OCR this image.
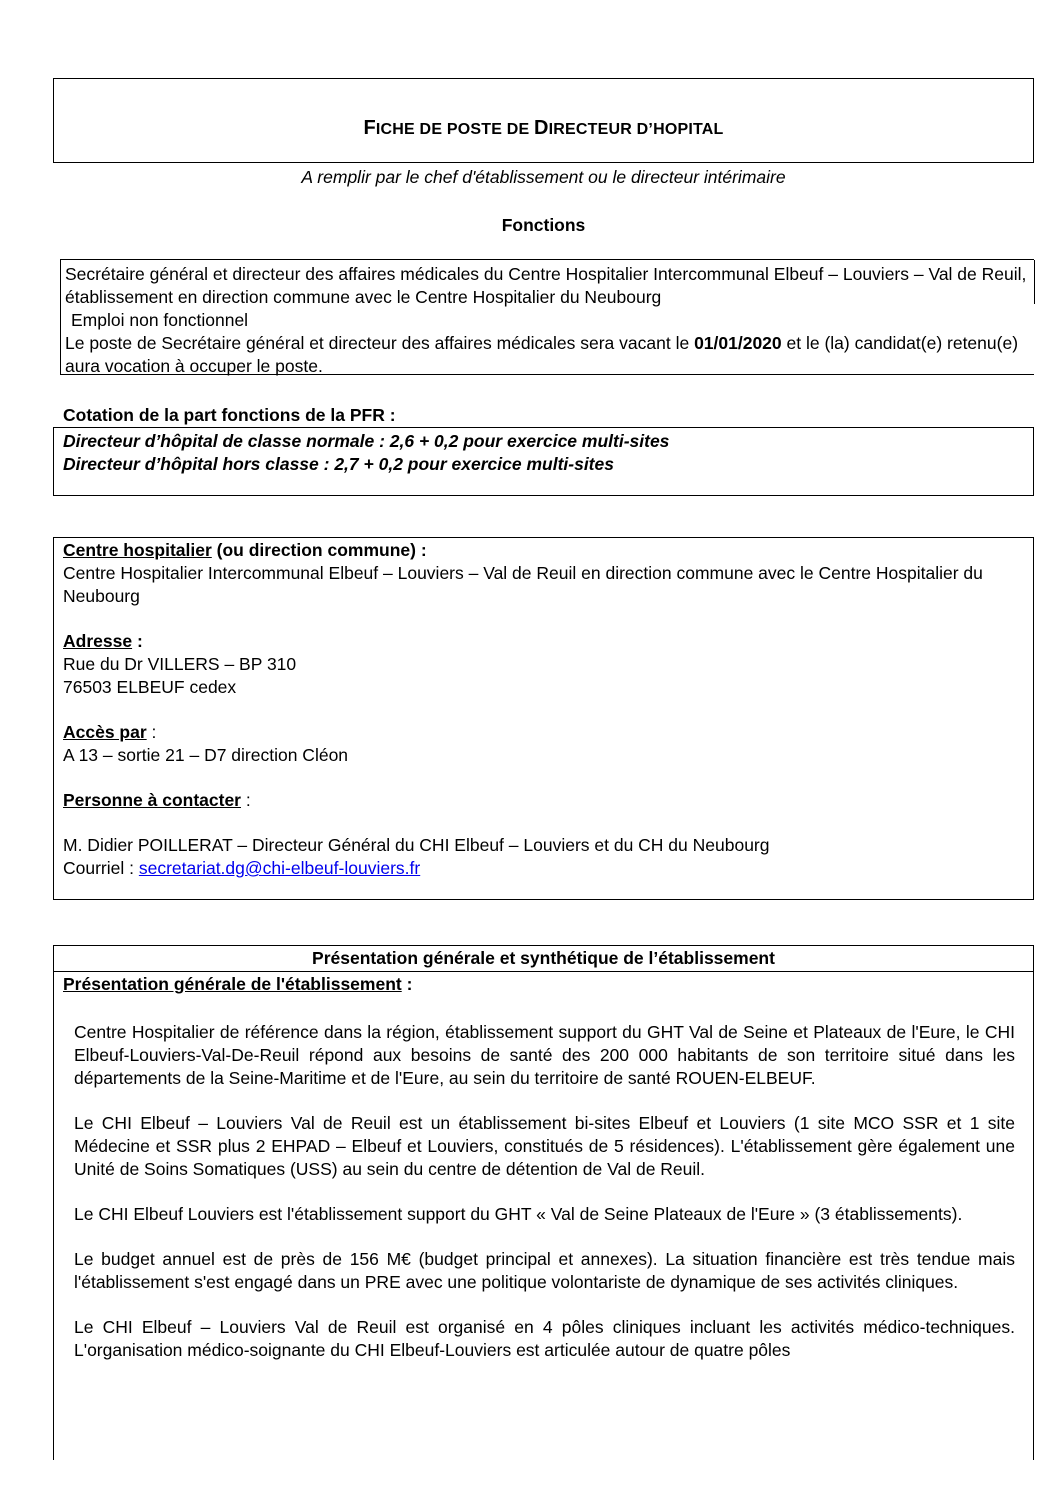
FICHE DE POSTE DE DIRECTEUR D’HOPITAL
A remplir par le chef d'établissement ou le directeur intérimaire
Fonctions

Secrétaire général et directeur des affaires médicales du Centre Hospitalier Intercommunal Elbeuf – Louviers – Val de Reuil, établissement en direction commune avec le Centre Hospitalier du Neubourg

Emploi non fonctionnel

Le poste de Secrétaire général et directeur des affaires médicales sera vacant le 01/01/2020 et le (la) candidat(e) retenu(e) aura vocation à occuper le poste.

Cotation de la part fonctions de la PFR :

Directeur d’hôpital de classe normale : 2,6 + 0,2 pour exercice multi-sites

Directeur d’hôpital hors classe : 2,7 + 0,2 pour exercice multi-sites

Centre hospitalier (ou direction commune) :

Centre Hospitalier Intercommunal Elbeuf – Louviers – Val de Reuil en direction commune avec le Centre Hospitalier du Neubourg

Adresse :

Rue du Dr VILLERS – BP 310

76503 ELBEUF cedex

Accès par :

A 13 – sortie 21 – D7 direction Cléon

Personne à contacter :

M. Didier POILLERAT – Directeur Général du CHI Elbeuf – Louviers et du CH du Neubourg

Courriel : secretariat.dg@chi-elbeuf-louviers.fr

Présentation générale et synthétique de l’établissement
Présentation générale de l'établissement :

Centre Hospitalier de référence dans la région, établissement support du GHT Val de Seine et Plateaux de l'Eure, le CHI Elbeuf-Louviers-Val-De-Reuil répond aux besoins de santé des 200 000 habitants de son territoire situé dans les départements de la Seine-Maritime et de l'Eure, au sein du territoire de santé ROUEN-ELBEUF.

Le CHI Elbeuf – Louviers Val de Reuil est un établissement bi-sites Elbeuf et Louviers (1 site MCO SSR et 1 site Médecine et SSR plus 2 EHPAD – Elbeuf et Louviers, constitués de 5 résidences). L'établissement gère également une Unité de Soins Somatiques (USS) au sein du centre de détention de Val de Reuil.

Le CHI Elbeuf Louviers est l'établissement support du GHT « Val de Seine Plateaux de l'Eure » (3 établissements).

Le budget annuel est de près de 156 M€ (budget principal et annexes). La situation financière est très tendue mais l'établissement s'est engagé dans un PRE avec une politique volontariste de dynamique de ses activités cliniques.

Le CHI Elbeuf – Louviers Val de Reuil est organisé en 4 pôles cliniques incluant les activités médico-techniques. L'organisation médico-soignante du CHI Elbeuf-Louviers est articulée autour de quatre pôles
